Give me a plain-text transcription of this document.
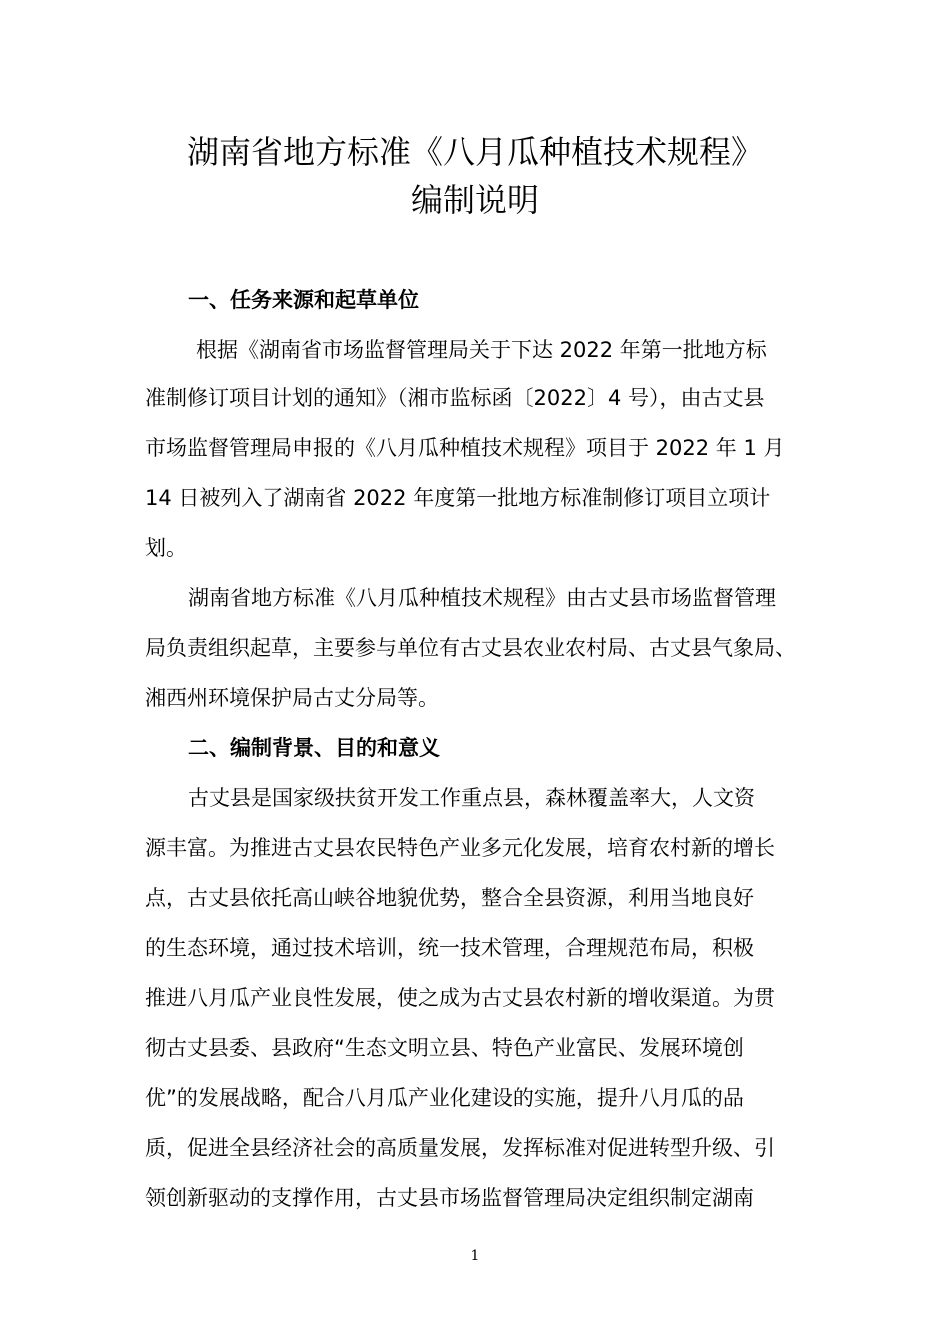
湖南省地方标准《八月瓜种植技术规程》
编制说明
一、任务来源和起草单位
根据《湖南省市场监督管理局关于下达 2022 年第一批地方标
准制修订项目计划的通知》（湘市监标函〔2022〕4 号），由古丈县
市场监督管理局申报的《八月瓜种植技术规程》项目于 2022 年 1 月
14 日被列入了湖南省 2022 年度第一批地方标准制修订项目立项计
划。
湖南省地方标准《八月瓜种植技术规程》由古丈县市场监督管理
局负责组织起草，主要参与单位有古丈县农业农村局、古丈县气象局、
湘西州环境保护局古丈分局等。
二、编制背景、目的和意义
古丈县是国家级扶贫开发工作重点县，森林覆盖率大，人文资
源丰富。为推进古丈县农民特色产业多元化发展，培育农村新的增长
点，古丈县依托高山峡谷地貌优势，整合全县资源，利用当地良好
的生态环境，通过技术培训，统一技术管理，合理规范布局，积极
推进八月瓜产业良性发展，使之成为古丈县农村新的增收渠道。为贯
彻古丈县委、县政府“生态文明立县、特色产业富民、发展环境创
优”的发展战略，配合八月瓜产业化建设的实施，提升八月瓜的品
质，促进全县经济社会的高质量发展，发挥标准对促进转型升级、引
领创新驱动的支撑作用，古丈县市场监督管理局决定组织制定湖南
1
